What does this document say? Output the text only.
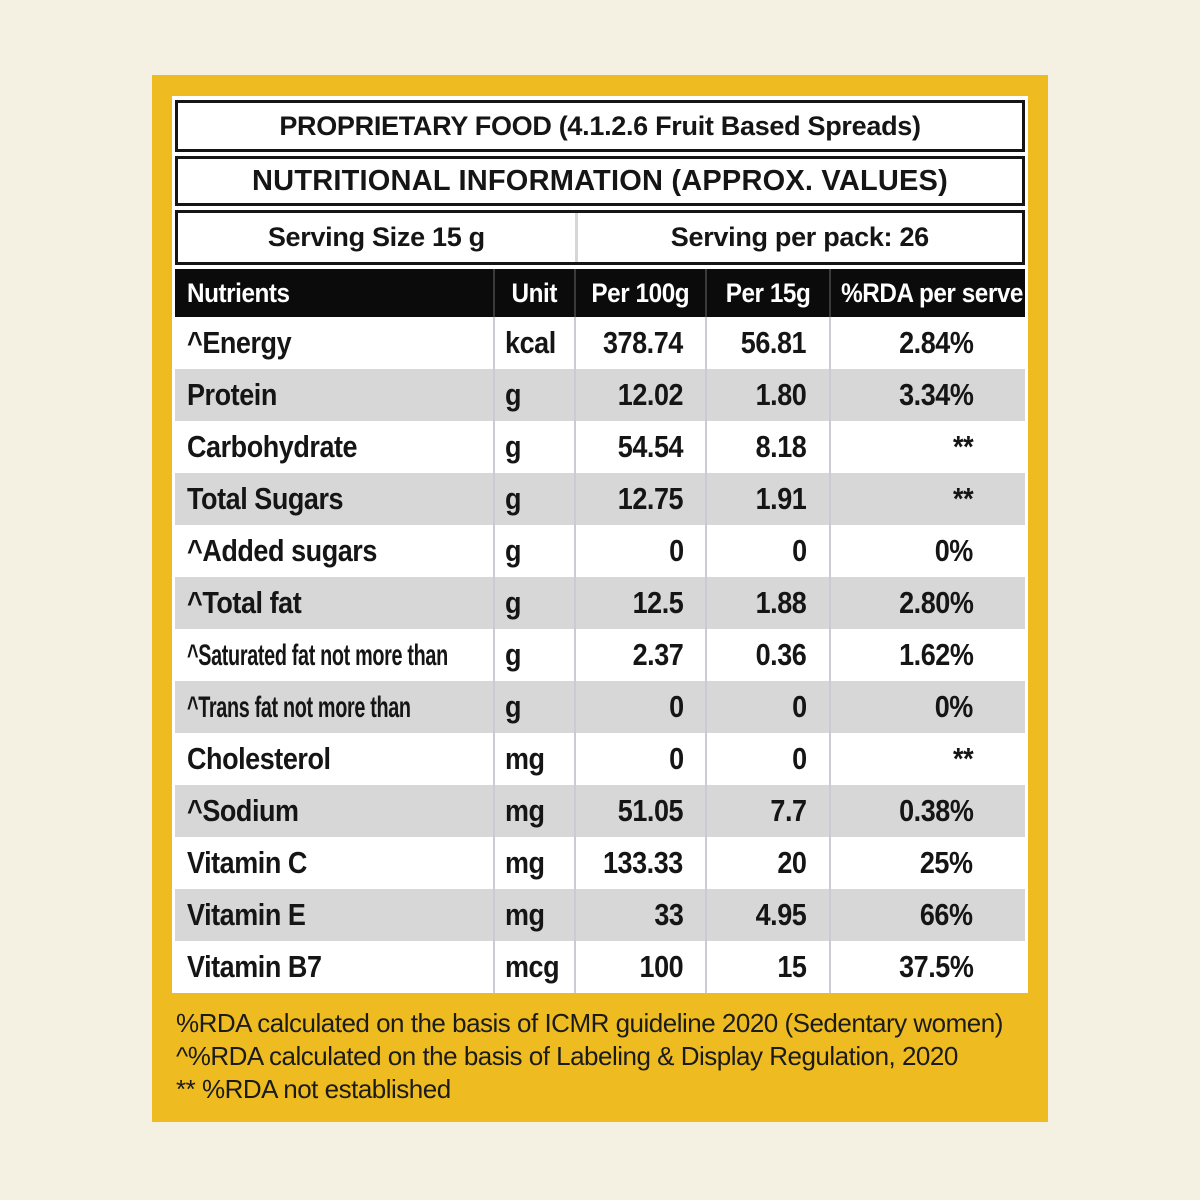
PROPRIETARY FOOD (4.1.2.6 Fruit Based Spreads)
NUTRITIONAL INFORMATION (APPROX. VALUES)
Serving Size 15 g	Serving per pack: 26
Nutrients	Unit	Per 100g	Per 15g	%RDA per serve
^Energy	kcal	378.74	56.81	2.84%
Protein	g	12.02	1.80	3.34%
Carbohydrate	g	54.54	8.18	**
Total Sugars	g	12.75	1.91	**
^Added sugars	g	0	0	0%
^Total fat	g	12.5	1.88	2.80%
^Saturated fat not more than	g	2.37	0.36	1.62%
^Trans fat not more than	g	0	0	0%
Cholesterol	mg	0	0	**
^Sodium	mg	51.05	7.7	0.38%
Vitamin C	mg	133.33	20	25%
Vitamin E	mg	33	4.95	66%
Vitamin B7	mcg	100	15	37.5%
%RDA calculated on the basis of ICMR guideline 2020 (Sedentary women)
^%RDA calculated on the basis of Labeling & Display Regulation, 2020
** %RDA not established
